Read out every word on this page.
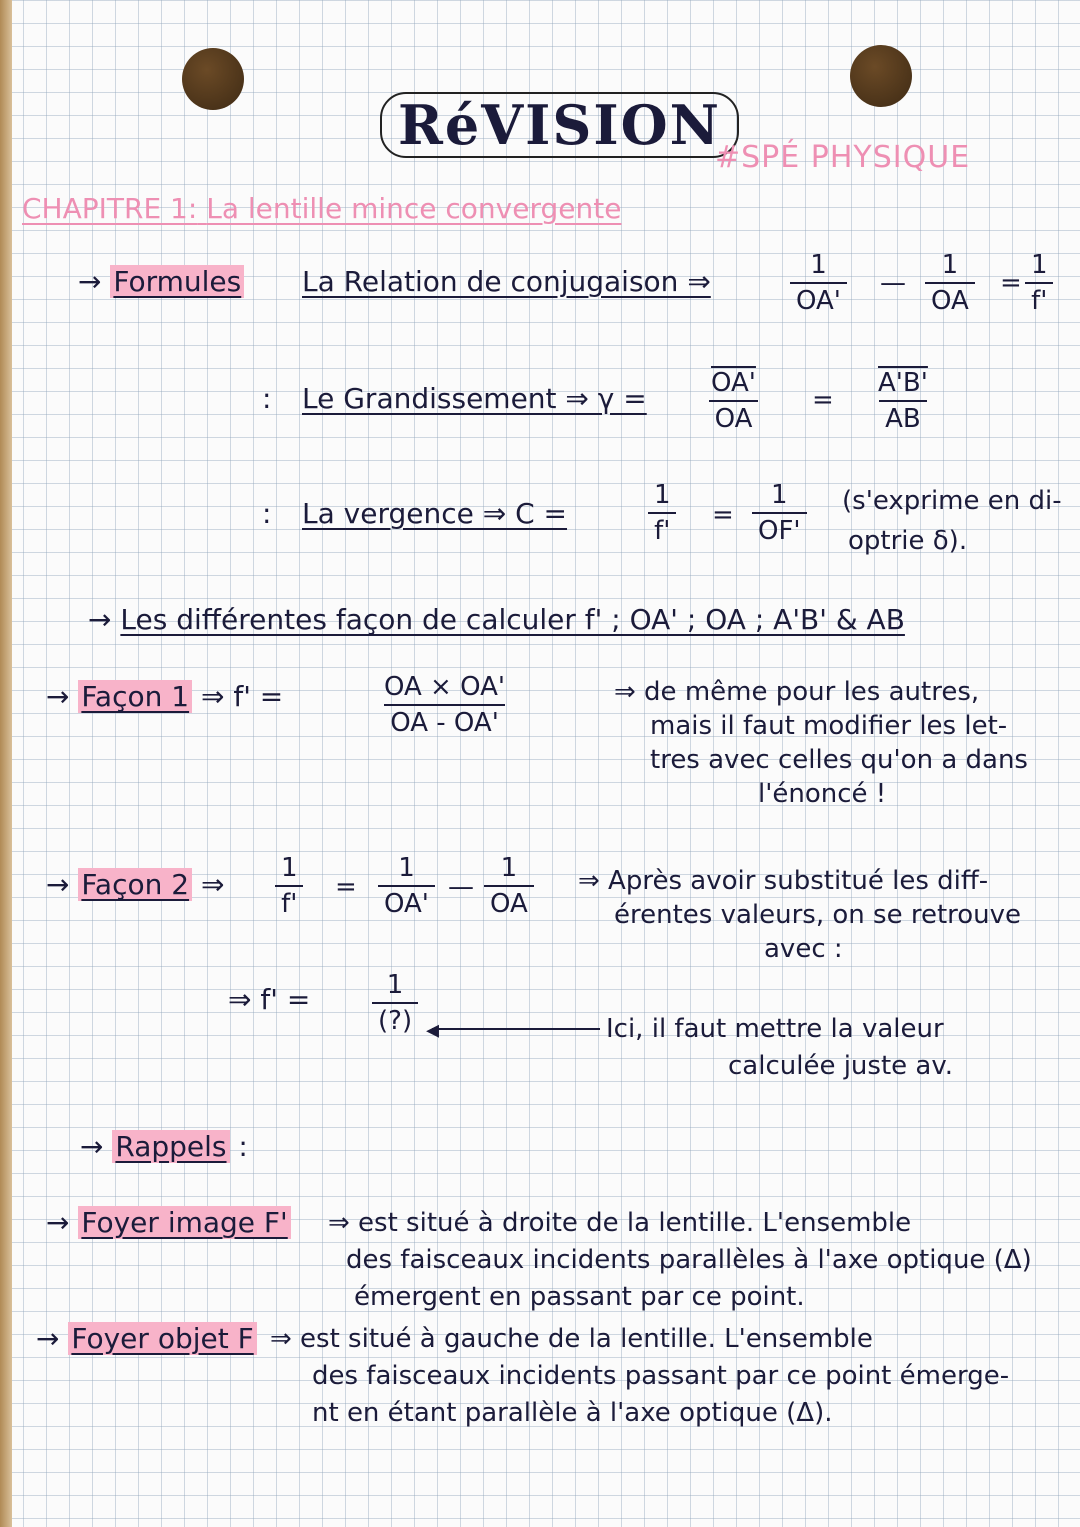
RéVISION
#SPÉ PHYSIQUE
CHAPITRE 1: La lentille mince convergente
→ Formules La Relation de conjugaison ⇒	$\frac{1}{OA'}$ — $\frac{1}{OA} = \frac{1}{f'}$
: Le Grandissement ⇒ $\gamma = \frac{OA'}{OA} = \frac{A'B'}{AB}$
: La vergence ⇒ C =	$\frac{1}{f'} = \frac{1}{OF'}$ (s'exprime en di-
optrie δ).
→ Les différentes façon de calculer f' ; OA' ; OA ; A'B' & AB
→ Façon 1 ⇒ f' =	$\frac{OA \times OA'}{OA - OA'}$	⇒ de même pour les autres,
mais il faut modifier les let-
tres avec celles qu'on a dans
l'énoncé !
→ Façon 2 ⇒ $\frac{1}{f'} = \frac{1}{OA'}$ — $\frac{1}{OA}$ ⇒ Après avoir substitué les diff-
érentes valeurs, on se retrouve
avec :
⇒ f' =	1
(?) ◂	Ici, il faut mettre la valeur
calculée juste av.
→ Rappels :
→ Foyer image F' ⇒ est situé à droite de la lentille. L'ensemble
des faisceaux incidents parallèles à l'axe optique (Δ)
émergent en passant par ce point.
→ Foyer objet F ⇒ est situé à gauche de la lentille. L'ensemble
des faisceaux incidents passant par ce point émerge-
nt en étant parallèle à l'axe optique (Δ).
